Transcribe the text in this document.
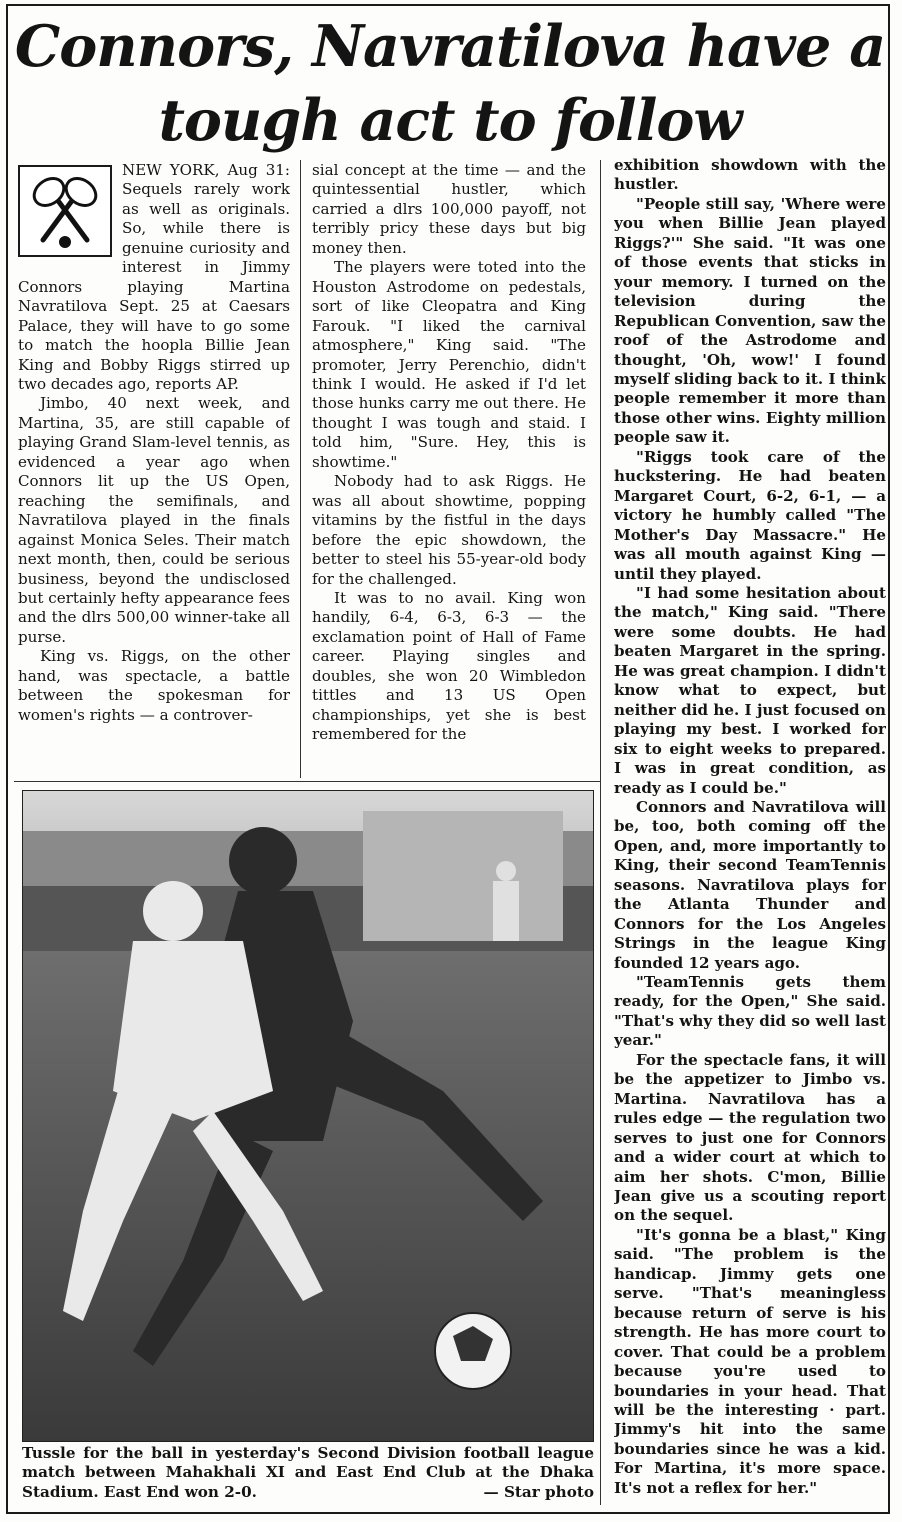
Connors, Navratilova have a
tough act to follow

NEW YORK, Aug 31: Sequels rarely work as well as originals. So, while there is genuine curiosity and interest in Jimmy Connors playing Martina Navratilova Sept. 25 at Caesars Palace, they will have to go some to match the hoopla Billie Jean King and Bobby Riggs stirred up two decades ago, reports AP.

Jimbo, 40 next week, and Martina, 35, are still capable of playing Grand Slam-level tennis, as evidenced a year ago when Connors lit up the US Open, reaching the semifinals, and Navratilova played in the finals against Monica Seles. Their match next month, then, could be serious business, beyond the undisclosed but certainly hefty appearance fees and the dlrs 500,00 winner-take all purse.

King vs. Riggs, on the other hand, was spectacle, a battle between the spokesman for women's rights — a controver-

sial concept at the time — and the quintessential hustler, which carried a dlrs 100,000 payoff, not terribly pricy these days but big money then.

The players were toted into the Houston Astrodome on pedestals, sort of like Cleopatra and King Farouk. "I liked the carnival atmosphere," King said. "The promoter, Jerry Perenchio, didn't think I would. He asked if I'd let those hunks carry me out there. He thought I was tough and staid. I told him, "Sure. Hey, this is showtime."

Nobody had to ask Riggs. He was all about showtime, popping vitamins by the fistful in the days before the epic showdown, the better to steel his 55-year-old body for the challenged.

It was to no avail. King won handily, 6-4, 6-3, 6-3 — the exclamation point of Hall of Fame career. Playing singles and doubles, she won 20 Wimbledon tittles and 13 US Open championships, yet she is best remembered for the

exhibition showdown with the hustler.

"People still say, 'Where were you when Billie Jean played Riggs?'" She said. "It was one of those events that sticks in your memory. I turned on the television during the Republican Convention, saw the roof of the Astrodome and thought, 'Oh, wow!' I found myself sliding back to it. I think people remember it more than those other wins. Eighty million people saw it.

"Riggs took care of the huckstering. He had beaten Margaret Court, 6-2, 6-1, — a victory he humbly called "The Mother's Day Massacre." He was all mouth against King — until they played.

"I had some hesitation about the match," King said. "There were some doubts. He had beaten Margaret in the spring. He was great champion. I didn't know what to expect, but neither did he. I just focused on playing my best. I worked for six to eight weeks to prepared. I was in great condition, as ready as I could be."

Connors and Navratilova will be, too, both coming off the Open, and, more importantly to King, their second TeamTennis seasons. Navratilova plays for the Atlanta Thunder and Connors for the Los Angeles Strings in the league King founded 12 years ago.

"TeamTennis gets them ready, for the Open," She said. "That's why they did so well last year."

For the spectacle fans, it will be the appetizer to Jimbo vs. Martina. Navratilova has a rules edge — the regulation two serves to just one for Connors and a wider court at which to aim her shots. C'mon, Billie Jean give us a scouting report on the sequel.

"It's gonna be a blast," King said. "The problem is the handicap. Jimmy gets one serve. "That's meaningless because return of serve is his strength. He has more court to cover. That could be a problem because you're used to boundaries in your head. That will be the interesting · part. Jimmy's hit into the same boundaries since he was a kid. For Martina, it's more space. It's not a reflex for her."

Tussle for the ball in yesterday's Second Division football league match between Mahakhali XI and East End Club at the Dhaka Stadium. East End won 2-0.	— Star photo
